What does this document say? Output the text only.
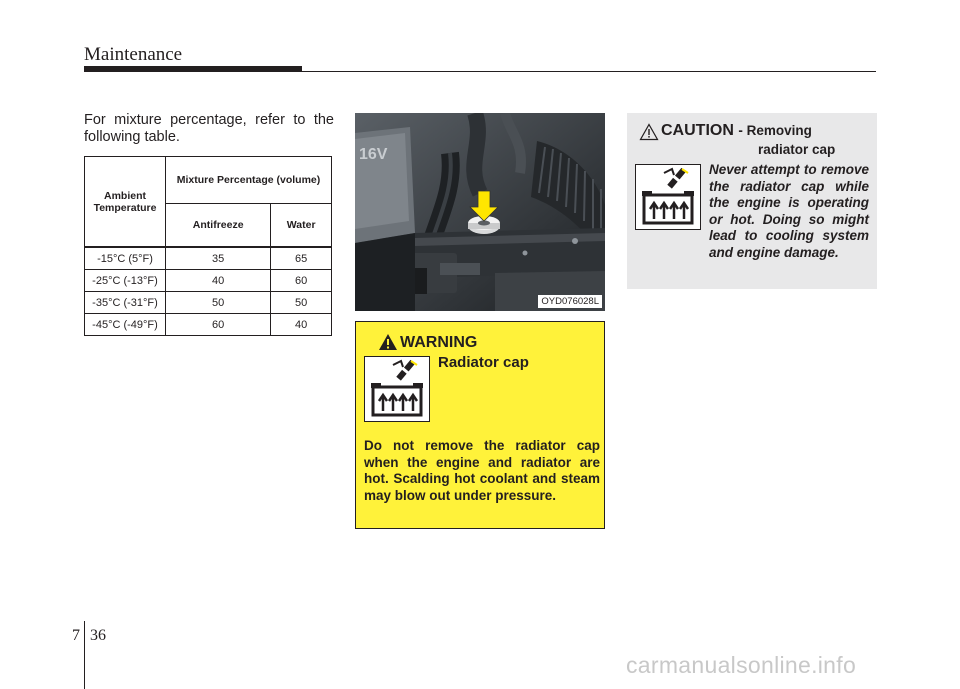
Maintenance
For mixture percentage, refer to the following table.
Ambient Temperature	Mixture Percentage (volume)	
	Antifreeze	Water
-15°C (5°F)	35	65
-25°C (-13°F)	40	60
-35°C (-31°F)	50	50
-45°C (-49°F)	60	40
16V
OYD076028L
WARNING
Radiator cap
Do not remove the radiator cap when the engine and radiator are hot. Scalding hot coolant and steam may blow out under pressure.
CAUTION - Removing
radiator cap
Never attempt to remove the radiator cap while the engine is operating or hot. Doing so might lead to cooling system and engine damage.
7 36
carmanualsonline.info
